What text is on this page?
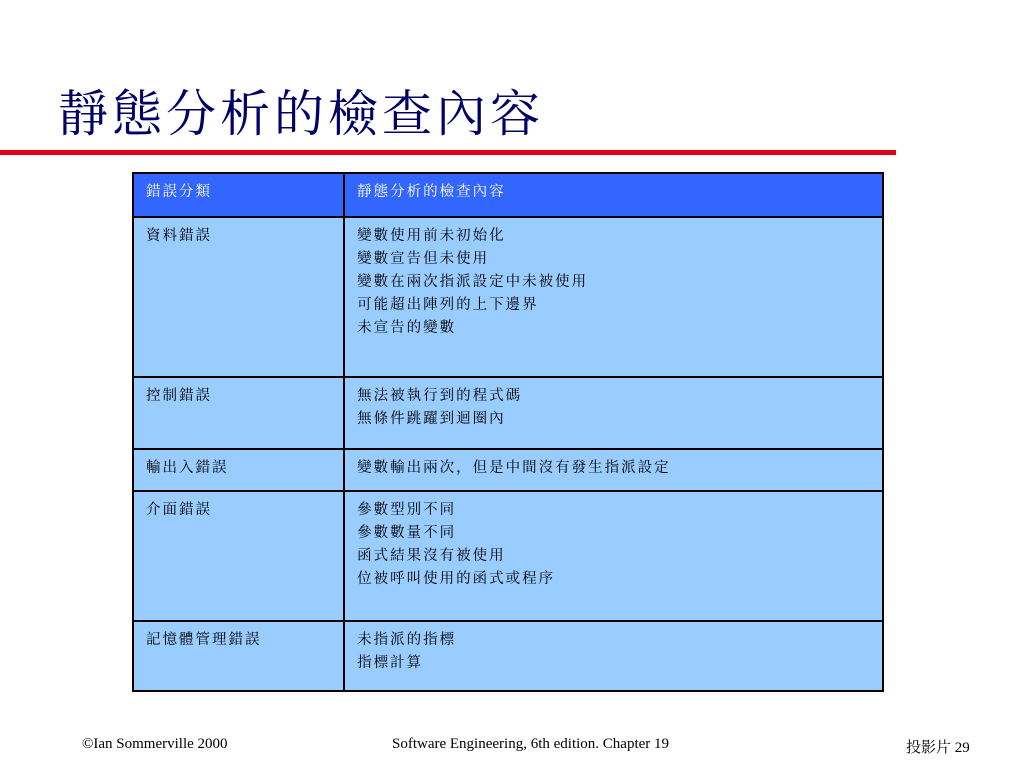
靜態分析的檢查內容
錯誤分類	靜態分析的檢查內容
資料錯誤	變數使用前未初始化
變數宣告但未使用
變數在兩次指派設定中未被使用
可能超出陣列的上下邊界
未宣告的變數

控制錯誤	無法被執行到的程式碼
無條件跳躍到迴圈內

輸出入錯誤	變數輸出兩次，但是中間沒有發生指派設定

介面錯誤	參數型別不同
參數數量不同
函式結果沒有被使用
位被呼叫使用的函式或程序

記憶體管理錯誤	未指派的指標
指標計算
©Ian Sommerville 2000	Software Engineering, 6th edition. Chapter 19	投影片 29
